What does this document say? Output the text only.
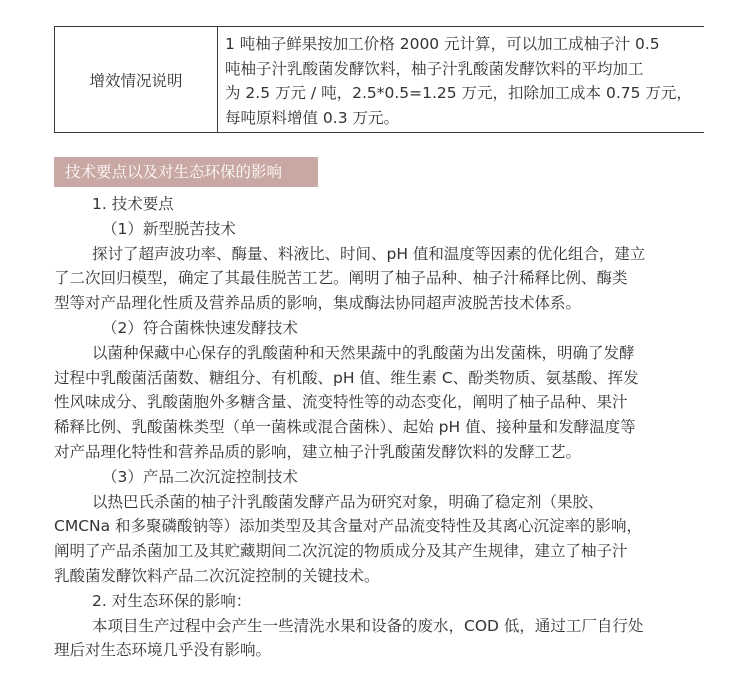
增效情况说明
1 吨柚子鲜果按加工价格 2000 元计算，可以加工成柚子汁 0.5
吨柚子汁乳酸菌发酵饮料，柚子汁乳酸菌发酵饮料的平均加工
为 2.5 万元 / 吨，2.5*0.5=1.25 万元，扣除加工成本 0.75 万元，
每吨原料增值 0.3 万元。
技术要点以及对生态环保的影响
1. 技术要点
（1）新型脱苦技术
探讨了超声波功率、酶量、料液比、时间、pH 值和温度等因素的优化组合，建立
了二次回归模型，确定了其最佳脱苦工艺。阐明了柚子品种、柚子汁稀释比例、酶类
型等对产品理化性质及营养品质的影响，集成酶法协同超声波脱苦技术体系。
（2）符合菌株快速发酵技术
以菌种保藏中心保存的乳酸菌种和天然果蔬中的乳酸菌为出发菌株，明确了发酵
过程中乳酸菌活菌数、糖组分、有机酸、pH 值、维生素 C、酚类物质、氨基酸、挥发
性风味成分、乳酸菌胞外多糖含量、流变特性等的动态变化，阐明了柚子品种、果汁
稀释比例、乳酸菌株类型（单一菌株或混合菌株）、起始 pH 值、接种量和发酵温度等
对产品理化特性和营养品质的影响，建立柚子汁乳酸菌发酵饮料的发酵工艺。
（3）产品二次沉淀控制技术
以热巴氏杀菌的柚子汁乳酸菌发酵产品为研究对象，明确了稳定剂（果胶、
CMCNa 和多聚磷酸钠等）添加类型及其含量对产品流变特性及其离心沉淀率的影响，
阐明了产品杀菌加工及其贮藏期间二次沉淀的物质成分及其产生规律，建立了柚子汁
乳酸菌发酵饮料产品二次沉淀控制的关键技术。
2. 对生态环保的影响：
本项目生产过程中会产生一些清洗水果和设备的废水，COD 低，通过工厂自行处
理后对生态环境几乎没有影响。
